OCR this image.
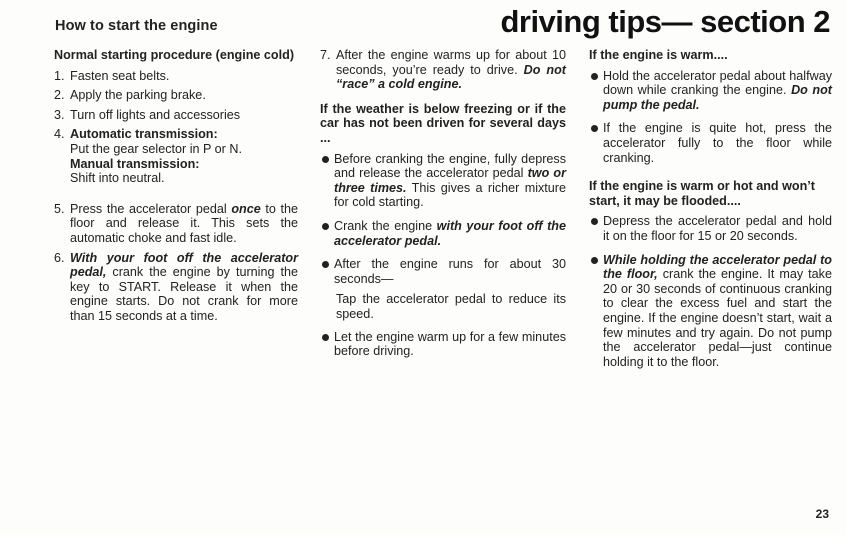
How to start the engine	driving tips— section 2
Normal starting procedure (engine cold)
1. Fasten seat belts.
2. Apply the parking brake.
3. Turn off lights and accessories
4. Automatic transmission:
Put the gear selector in P or N.
Manual transmission:
Shift into neutral.
5. Press the accelerator pedal once to the floor and release it. This sets the automatic choke and fast idle.
6. With your foot off the accelerator pedal, crank the engine by turning the key to START. Release it when the engine starts. Do not crank for more than 15 seconds at a time.
7. After the engine warms up for about 10 seconds, you’re ready to drive. Do not “race” a cold engine.
If the weather is below freezing or if the car has not been driven for several days ...
Before cranking the engine, fully depress and release the accelerator pedal two or three times. This gives a richer mixture for cold starting.
Crank the engine with your foot off the accelerator pedal.
After the engine runs for about 30 seconds—
Tap the accelerator pedal to reduce its speed.
Let the engine warm up for a few minutes before driving.
If the engine is warm....
Hold the accelerator pedal about halfway down while cranking the engine. Do not pump the pedal.
If the engine is quite hot, press the accelerator fully to the floor while cranking.
If the engine is warm or hot and won’t start, it may be flooded....
Depress the accelerator pedal and hold it on the floor for 15 or 20 seconds.
While holding the accelerator pedal to the floor, crank the engine. It may take 20 or 30 seconds of continuous cranking to clear the excess fuel and start the engine. If the engine doesn’t start, wait a few minutes and try again. Do not pump the accelerator pedal—just continue holding it to the floor.
23
